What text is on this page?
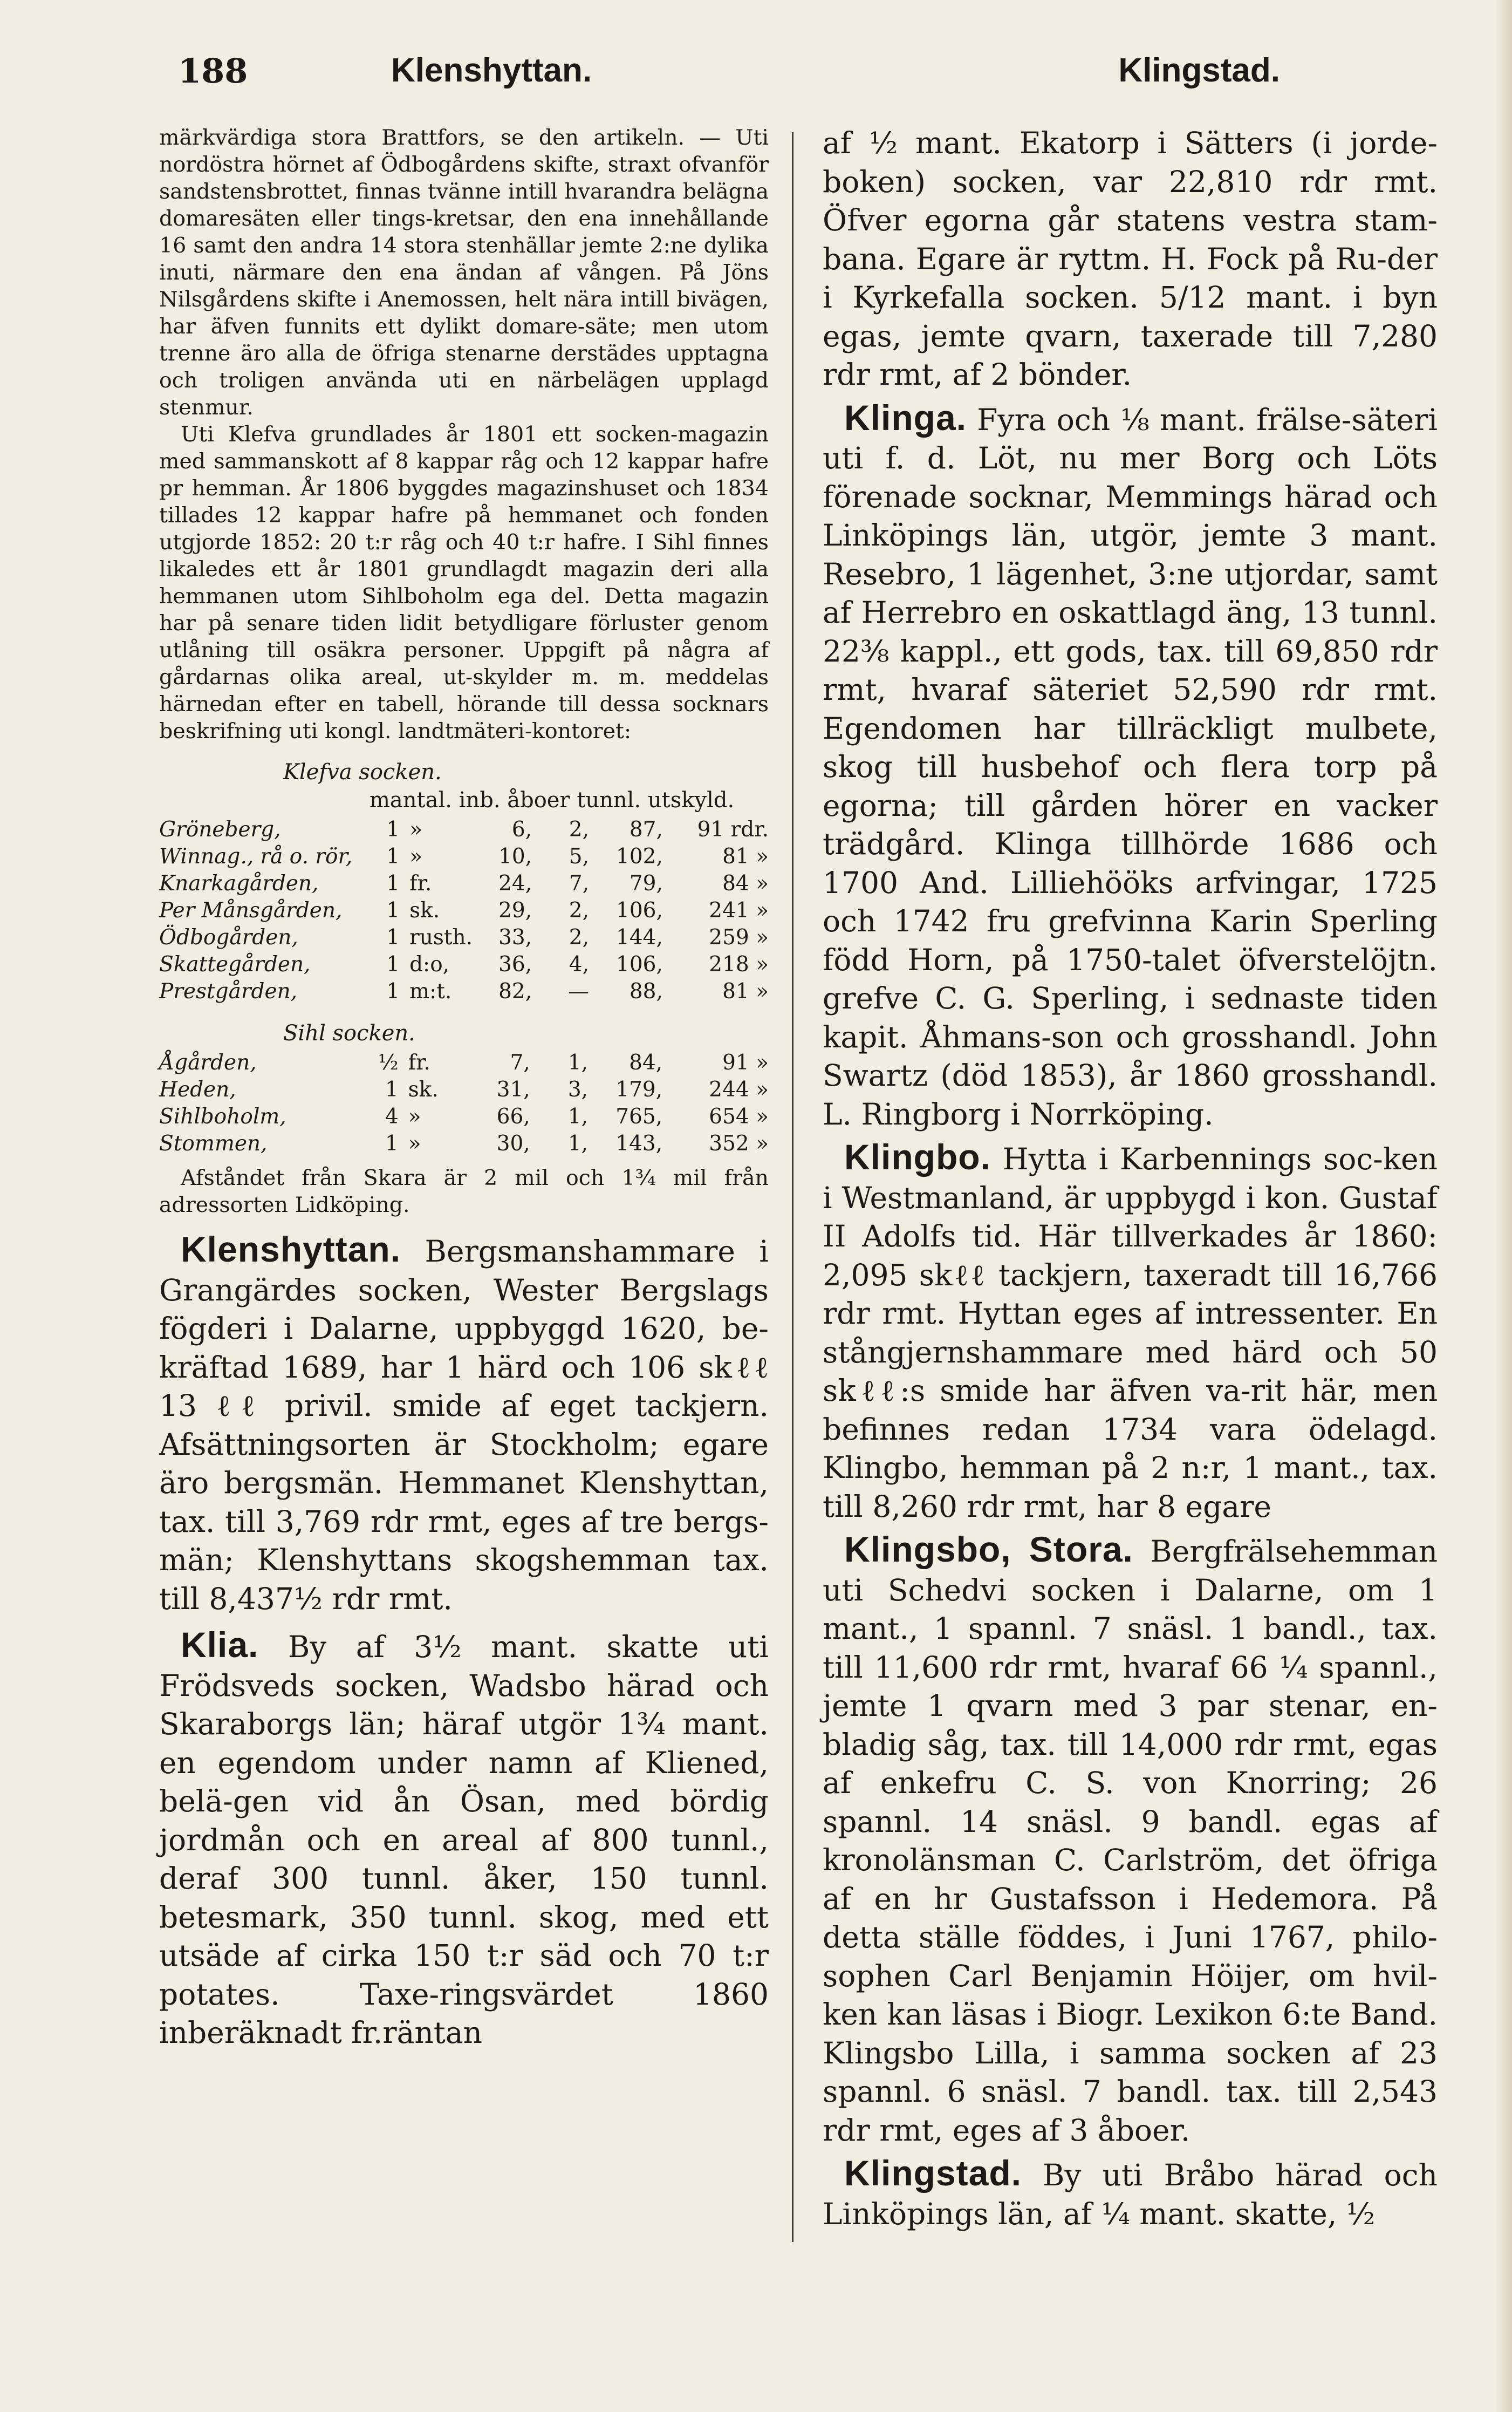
188	Klenshyttan.	Klingstad.

märkvärdiga stora Brattfors, se den artikeln. — Uti nordöstra hörnet af Ödbogårdens skifte, straxt ofvanför sandstensbrottet, finnas tvänne intill hvarandra belägna domaresäten eller tings-kretsar, den ena innehållande 16 samt den andra 14 stora stenhällar jemte 2:ne dylika inuti, närmare den ena ändan af vången. På Jöns Nilsgårdens skifte i Anemossen, helt nära intill bivägen, har äfven funnits ett dylikt domare-säte; men utom trenne äro alla de öfriga stenarne derstädes upptagna och troligen använda uti en närbelägen upplagd stenmur.

Uti Klefva grundlades år 1801 ett socken-magazin med sammanskott af 8 kappar råg och 12 kappar hafre pr hemman. År 1806 byggdes magazinshuset och 1834 tillades 12 kappar hafre på hemmanet och fonden utgjorde 1852: 20 t:r råg och 40 t:r hafre. I Sihl finnes likaledes ett år 1801 grundlagdt magazin deri alla hemmanen utom Sihlboholm ega del. Detta magazin har på senare tiden lidit betydligare förluster genom utlåning till osäkra personer. Uppgift på några af gårdarnas olika areal, ut-skylder m. m. meddelas härnedan efter en tabell, hörande till dessa socknars beskrifning uti kongl. landtmäteri-kontoret:

Klefva socken.
mantal. inb. åboer tunnl. utskyld.
Gröneberg,	1	»	6,	2,	87,	91 rdr.
Winnag., rå o. rör,	1	»	10,	5,	102,	81 »
Knarkagården,	1	fr.	24,	7,	79,	84 »
Per Månsgården,	1	sk.	29,	2,	106,	241 »
Ödbogården,	1	rusth.	33,	2,	144,	259 »
Skattegården,	1	d:o,	36,	4,	106,	218 »
Prestgården,	1	m:t.	82,	—	88,	81 »
Sihl socken.
Ågården,	½	fr.	7,	1,	84,	91 »
Heden,	1	sk.	31,	3,	179,	244 »
Sihlboholm,	4	»	66,	1,	765,	654 »
Stommen,	1	»	30,	1,	143,	352 »

Afståndet från Skara är 2 mil och 1¾ mil från adressorten Lidköping.

Klenshyttan. Bergsmanshammare i Grangärdes socken, Wester Bergslags fögderi i Dalarne, uppbyggd 1620, be-kräftad 1689, har 1 härd och 106 skℓℓ 13 ℓℓ privil. smide af eget tackjern. Afsättningsorten är Stockholm; egare äro bergsmän. Hemmanet Klenshyttan, tax. till 3,769 rdr rmt, eges af tre bergs-män; Klenshyttans skogshemman tax. till 8,437½ rdr rmt.

Klia. By af 3½ mant. skatte uti Frödsveds socken, Wadsbo härad och Skaraborgs län; häraf utgör 1¾ mant. en egendom under namn af Kliened, belä-gen vid ån Ösan, med bördig jordmån och en areal af 800 tunnl., deraf 300 tunnl. åker, 150 tunnl. betesmark, 350 tunnl. skog, med ett utsäde af cirka 150 t:r säd och 70 t:r potates. Taxe-ringsvärdet 1860 inberäknadt fr.räntan

af ½ mant. Ekatorp i Sätters (i jorde-boken) socken, var 22,810 rdr rmt. Öfver egorna går statens vestra stam-bana. Egare är ryttm. H. Fock på Ru-der i Kyrkefalla socken. 5/12 mant. i byn egas, jemte qvarn, taxerade till 7,280 rdr rmt, af 2 bönder.

Klinga. Fyra och ⅛ mant. frälse-säteri uti f. d. Löt, nu mer Borg och Löts förenade socknar, Memmings härad och Linköpings län, utgör, jemte 3 mant. Resebro, 1 lägenhet, 3:ne utjordar, samt af Herrebro en oskattlagd äng, 13 tunnl. 22⅜ kappl., ett gods, tax. till 69,850 rdr rmt, hvaraf säteriet 52,590 rdr rmt. Egendomen har tillräckligt mulbete, skog till husbehof och flera torp på egorna; till gården hörer en vacker trädgård. Klinga tillhörde 1686 och 1700 And. Lilliehööks arfvingar, 1725 och 1742 fru grefvinna Karin Sperling född Horn, på 1750-talet öfverstelöjtn. grefve C. G. Sperling, i sednaste tiden kapit. Åhmans-son och grosshandl. John Swartz (död 1853), år 1860 grosshandl. L. Ringborg i Norrköping.

Klingbo. Hytta i Karbennings soc-ken i Westmanland, är uppbygd i kon. Gustaf II Adolfs tid. Här tillverkades år 1860: 2,095 skℓℓ tackjern, taxeradt till 16,766 rdr rmt. Hyttan eges af intressenter. En stångjernshammare med härd och 50 skℓℓ:s smide har äfven va-rit här, men befinnes redan 1734 vara ödelagd. Klingbo, hemman på 2 n:r, 1 mant., tax. till 8,260 rdr rmt, har 8 egare

Klingsbo, Stora. Bergfrälsehemman uti Schedvi socken i Dalarne, om 1 mant., 1 spannl. 7 snäsl. 1 bandl., tax. till 11,600 rdr rmt, hvaraf 66 ¼ spannl., jemte 1 qvarn med 3 par stenar, en-bladig såg, tax. till 14,000 rdr rmt, egas af enkefru C. S. von Knorring; 26 spannl. 14 snäsl. 9 bandl. egas af kronolänsman C. Carlström, det öfriga af en hr Gustafsson i Hedemora. På detta ställe föddes, i Juni 1767, philo-sophen Carl Benjamin Höijer, om hvil-ken kan läsas i Biogr. Lexikon 6:te Band. Klingsbo Lilla, i samma socken af 23 spannl. 6 snäsl. 7 bandl. tax. till 2,543 rdr rmt, eges af 3 åboer.

Klingstad. By uti Bråbo härad och Linköpings län, af ¼ mant. skatte, ½
